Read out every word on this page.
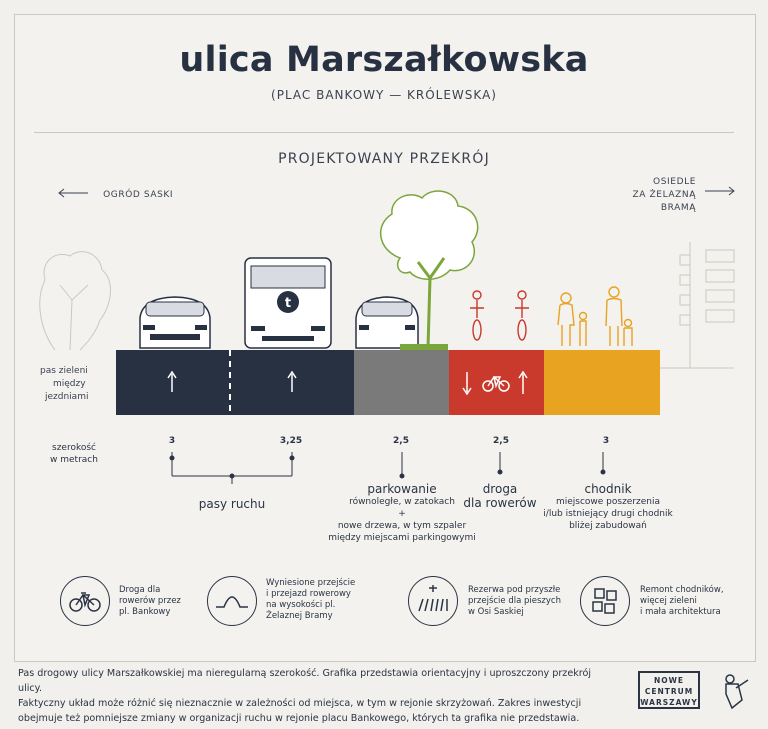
ulica Marszałkowska
(PLAC BANKOWY — KRÓLEWSKA)
PROJEKTOWANY PRZEKRÓJ
OGRÓD SASKI
OSIEDLE
ZA ŻELAZNĄ BRAMĄ
pas zieleni
między
jezdniami
t
szerokość
w metrach
3	3,25	2,5	2,5	3
pasy ruchu
parkowanie
równoległe, w zatokach
+
nowe drzewa, w tym szpaler
między miejscami parkingowymi
droga
dla rowerów
chodnik
miejscowe poszerzenia
i/lub istniejący drugi chodnik
bliżej zabudowań
Droga dla
rowerów przez
pl. Bankowy
Wyniesione przejście
i przejazd rowerowy
na wysokości pl.
Żelaznej Bramy
Rezerwa pod przyszłe
przejście dla pieszych
w Osi Saskiej
Remont chodników,
więcej zieleni
i mała architektura
Pas drogowy ulicy Marszałkowskiej ma nieregularną szerokość. Grafika przedstawia orientacyjny i uproszczony przekrój ulicy.
Faktyczny układ może różnić się nieznacznie w zależności od miejsca, w tym w rejonie skrzyżowań. Zakres inwestycji
obejmuje też pomniejsze zmiany w organizacji ruchu w rejonie placu Bankowego, których ta grafika nie przedstawia.
NOWE
CENTRUM
WARSZAWY
